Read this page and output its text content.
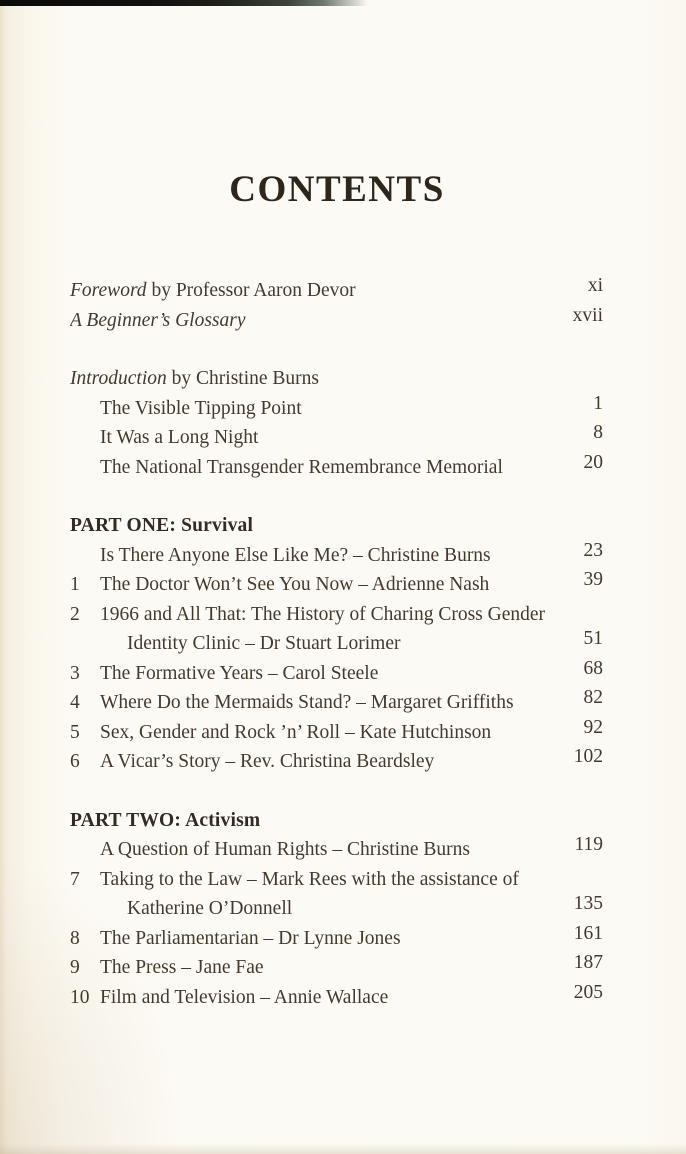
CONTENTS
Foreword by Professor Aaron Devor	xi
A Beginner’s Glossary	xvii
Introduction by Christine Burns
The Visible Tipping Point	1
It Was a Long Night	8
The National Transgender Remembrance Memorial	20
PART ONE: Survival
Is There Anyone Else Like Me? – Christine Burns	23
1	The Doctor Won’t See You Now – Adrienne Nash	39
2	1966 and All That: The History of Charing Cross Gender
Identity Clinic – Dr Stuart Lorimer	51
3	The Formative Years – Carol Steele	68
4	Where Do the Mermaids Stand? – Margaret Griffiths	82
5	Sex, Gender and Rock ’n’ Roll – Kate Hutchinson	92
6	A Vicar’s Story – Rev. Christina Beardsley	102
PART TWO: Activism
A Question of Human Rights – Christine Burns	119
7	Taking to the Law – Mark Rees with the assistance of
Katherine O’Donnell	135
8	The Parliamentarian – Dr Lynne Jones	161
9	The Press – Jane Fae	187
10 Film and Television – Annie Wallace	205
